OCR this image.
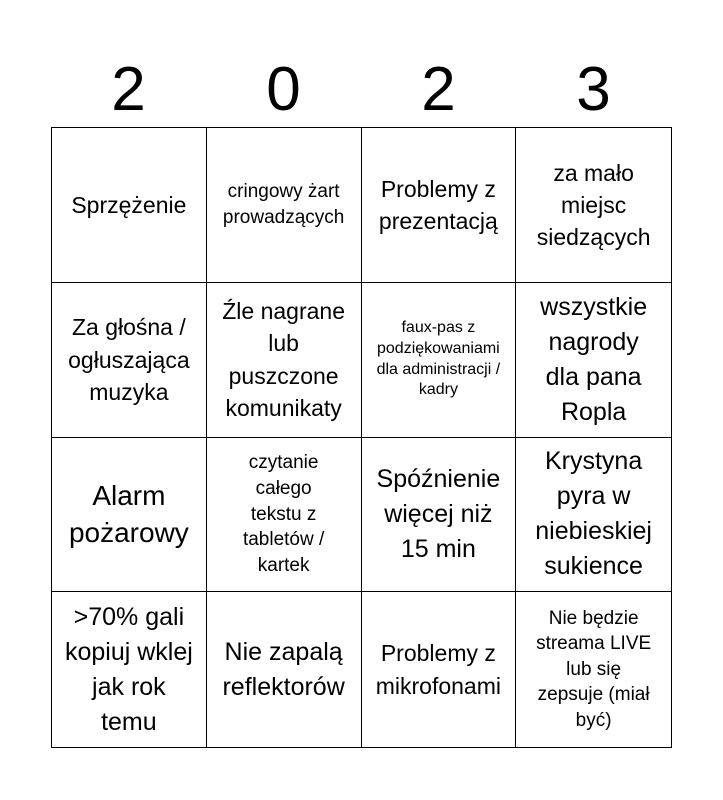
2	0	2	3
Sprzężenie
cringowy żart prowadzących
Problemy z prezentacją
za mało miejsc siedzących
Za głośna / ogłuszająca muzyka
Źle nagrane lub puszczone komunikaty
faux-pas z podziękowaniami dla administracji / kadry
wszystkie nagrody dla pana Ropla
Alarm pożarowy
czytanie całego tekstu z tabletów / kartek
Spóźnienie więcej niż 15 min
Krystyna pyra w niebieskiej sukience
>70% gali kopiuj wklej jak rok temu
Nie zapalą reflektorów
Problemy z mikrofonami
Nie będzie streama LIVE lub się zepsuje (miał być)
